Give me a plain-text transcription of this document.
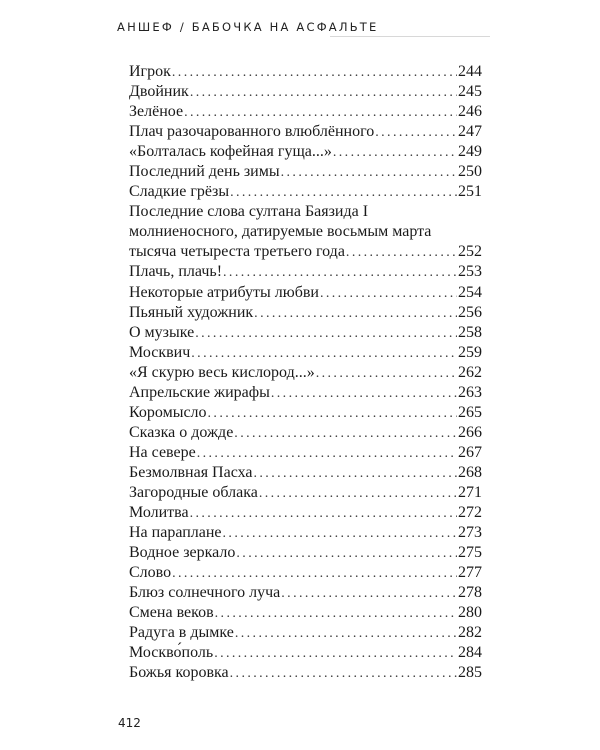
АНШЕФ / БАБОЧКА НА АСФАЛЬТЕ
Игрок .....	244
Двойник .....	245
Зелёное .....	246
Плач разочарованного влюблённого .....	247
«Болталась кофейная гуща...» .....	249
Последний день зимы .....	250
Сладкие грёзы .....	251
Последние слова султана Баязида I
молниеносного, датируемые восьмым марта
тысяча четыреста третьего года .....	252
Плачь, плачь! .....	253
Некоторые атрибуты любви .....	254
Пьяный художник .....	256
О музыке .....	258
Москвич .....	259
«Я скурю весь кислород...» .....	262
Апрельские жирафы .....	263
Коромысло .....	265
Сказка о дожде .....	266
На севере .....	267
Безмолвная Пасха .....	268
Загородные облака .....	271
Молитва .....	272
На параплане .....	273
Водное зеркало .....	275
Слово .....	277
Блюз солнечного луча .....	278
Смена веков .....	280
Радуга в дымке .....	282
Москво́поль .....	284
Божья коровка .....	285
412
